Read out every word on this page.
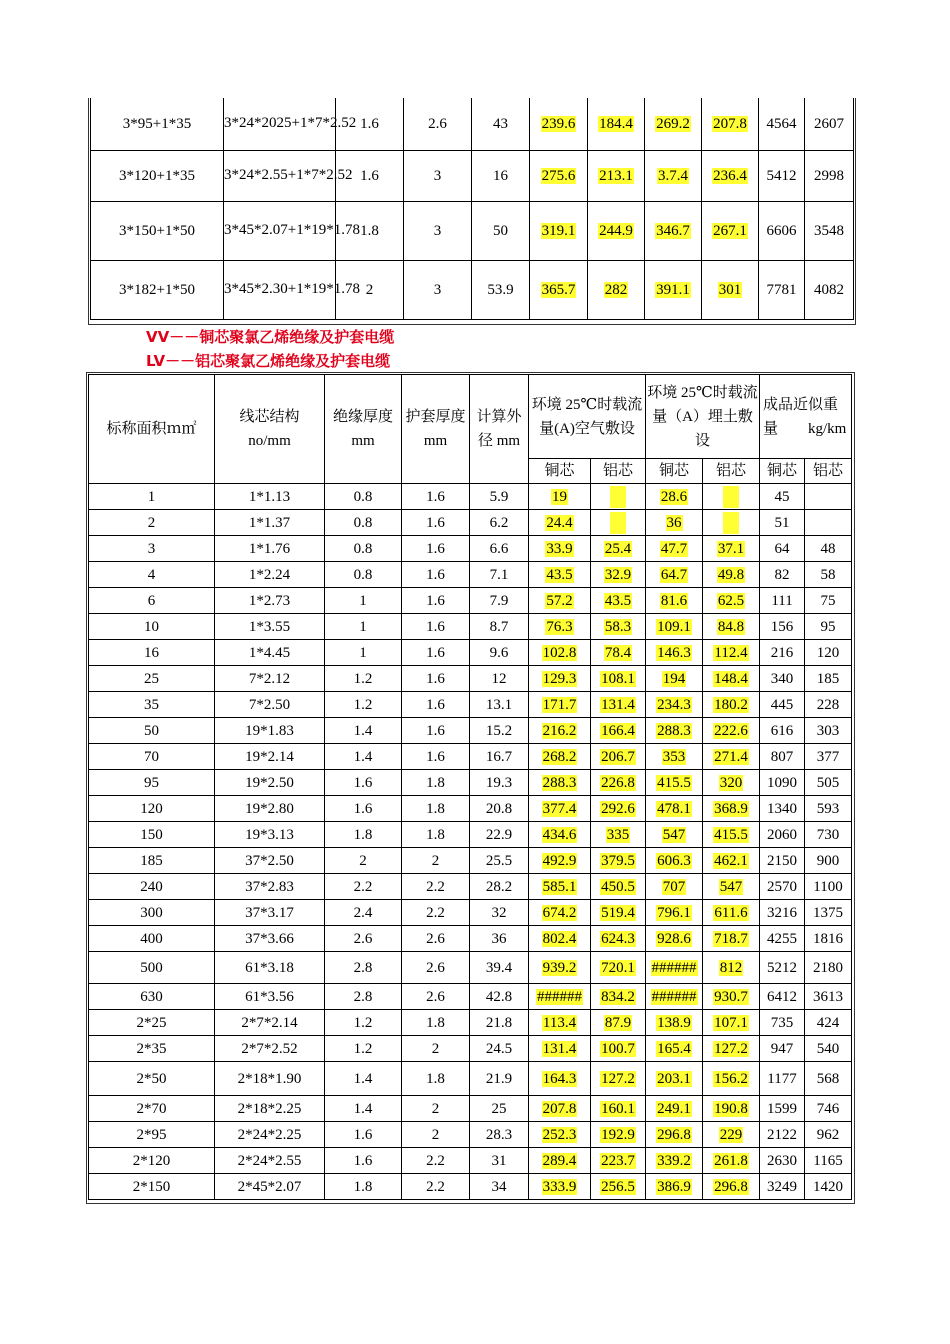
3*95+1*35	3*24*2025+1*7*2.52	1.6	2.6	43	239.6	184.4	269.2	207.8	4564	2607
3*120+1*35	3*24*2.55+1*7*2.52	1.6	3	16	275.6	213.1	3.7.4	236.4	5412	2998
3*150+1*50	3*45*2.07+1*19*1.78	1.8	3	50	319.1	244.9	346.7	267.1	6606	3548
3*182+1*50	3*45*2.30+1*19*1.78	2	3	53.9	365.7	282	391.1	301	7781	4082
VV－－铜芯聚氯乙烯绝缘及护套电缆
LV－－铝芯聚氯乙烯绝缘及护套电缆
标称面积ｍ㎡	线芯结构 no/mm	绝缘厚度 mm	护套厚度 mm	计算外径 mm	环境 25℃时载流量(A)空气敷设		环境 25℃时载流量（A）埋土敷设		成品近似重量　　kg/km	
					铜芯	铝芯	铜芯	铝芯	铜芯	铝芯
1	1*1.13	0.8	1.6	5.9	19		28.6		45	
2	1*1.37	0.8	1.6	6.2	24.4		36		51	
3	1*1.76	0.8	1.6	6.6	33.9	25.4	47.7	37.1	64	48
4	1*2.24	0.8	1.6	7.1	43.5	32.9	64.7	49.8	82	58
6	1*2.73	1	1.6	7.9	57.2	43.5	81.6	62.5	111	75
10	1*3.55	1	1.6	8.7	76.3	58.3	109.1	84.8	156	95
16	1*4.45	1	1.6	9.6	102.8	78.4	146.3	112.4	216	120
25	7*2.12	1.2	1.6	12	129.3	108.1	194	148.4	340	185
35	7*2.50	1.2	1.6	13.1	171.7	131.4	234.3	180.2	445	228
50	19*1.83	1.4	1.6	15.2	216.2	166.4	288.3	222.6	616	303
70	19*2.14	1.4	1.6	16.7	268.2	206.7	353	271.4	807	377
95	19*2.50	1.6	1.8	19.3	288.3	226.8	415.5	320	1090	505
120	19*2.80	1.6	1.8	20.8	377.4	292.6	478.1	368.9	1340	593
150	19*3.13	1.8	1.8	22.9	434.6	335	547	415.5	2060	730
185	37*2.50	2	2	25.5	492.9	379.5	606.3	462.1	2150	900
240	37*2.83	2.2	2.2	28.2	585.1	450.5	707	547	2570	1100
300	37*3.17	2.4	2.2	32	674.2	519.4	796.1	611.6	3216	1375
400	37*3.66	2.6	2.6	36	802.4	624.3	928.6	718.7	4255	1816
500	61*3.18	2.8	2.6	39.4	939.2	720.1	######	812	5212	2180
630	61*3.56	2.8	2.6	42.8	######	834.2	######	930.7	6412	3613
2*25	2*7*2.14	1.2	1.8	21.8	113.4	87.9	138.9	107.1	735	424
2*35	2*7*2.52	1.2	2	24.5	131.4	100.7	165.4	127.2	947	540
2*50	2*18*1.90	1.4	1.8	21.9	164.3	127.2	203.1	156.2	1177	568
2*70	2*18*2.25	1.4	2	25	207.8	160.1	249.1	190.8	1599	746
2*95	2*24*2.25	1.6	2	28.3	252.3	192.9	296.8	229	2122	962
2*120	2*24*2.55	1.6	2.2	31	289.4	223.7	339.2	261.8	2630	1165
2*150	2*45*2.07	1.8	2.2	34	333.9	256.5	386.9	296.8	3249	1420
